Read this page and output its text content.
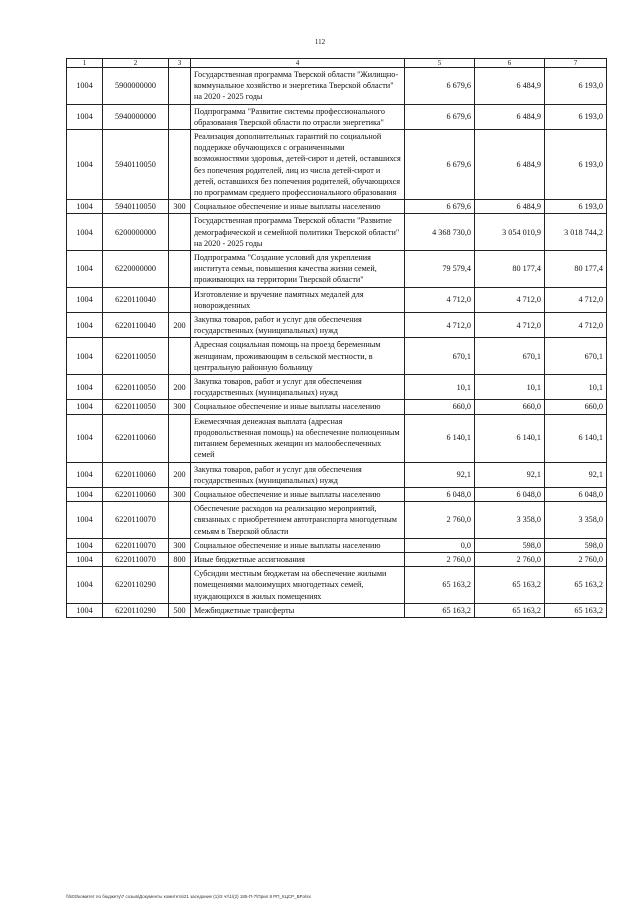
112
1	2	3	4	5	6	7
1004	5900000000		Государственная программа Тверской области "Жилищно-коммунальное хозяйство и энергетика Тверской области" на 2020 - 2025 годы	6 679,6	6 484,9	6 193,0
1004	5940000000		Подпрограмма "Развитие системы профессионального образования Тверской области по отрасли энергетика"	6 679,6	6 484,9	6 193,0
1004	5940110050		Реализация дополнительных гарантий по социальной поддержке обучающихся с ограниченными возможностями здоровья, детей-сирот и детей, оставшихся без попечения родителей, лиц из числа детей-сирот и детей, оставшихся без попечения родителей, обучающихся по программам среднего профессионального образования	6 679,6	6 484,9	6 193,0
1004	5940110050	300	Социальное обеспечение и иные выплаты населению	6 679,6	6 484,9	6 193,0
1004	6200000000		Государственная программа Тверской области "Развитие демографической и семейной политики Тверской области" на 2020 - 2025 годы	4 368 730,0	3 054 010,9	3 018 744,2
1004	6220000000		Подпрограмма "Создание условий для укрепления института семьи, повышения качества жизни семей, проживающих на территории Тверской области"	79 579,4	80 177,4	80 177,4
1004	6220110040		Изготовление и вручение памятных медалей для новорожденных	4 712,0	4 712,0	4 712,0
1004	6220110040	200	Закупка товаров, работ и услуг для обеспечения государственных (муниципальных) нужд	4 712,0	4 712,0	4 712,0
1004	6220110050		Адресная социальная помощь на проезд беременным женщинам, проживающим в сельской местности, в центральную районную больницу	670,1	670,1	670,1
1004	6220110050	200	Закупка товаров, работ и услуг для обеспечения государственных (муниципальных) нужд	10,1	10,1	10,1
1004	6220110050	300	Социальное обеспечение и иные выплаты населению	660,0	660,0	660,0
1004	6220110060		Ежемесячная денежная выплата (адресная продовольственная помощь) на обеспечение полноценным питанием беременных женщин из малообеспеченных семей	6 140,1	6 140,1	6 140,1
1004	6220110060	200	Закупка товаров, работ и услуг для обеспечения государственных (муниципальных) нужд	92,1	92,1	92,1
1004	6220110060	300	Социальное обеспечение и иные выплаты населению	6 048,0	6 048,0	6 048,0
1004	6220110070		Обеспечение расходов на реализацию мероприятий, связанных с приобретением автотранспорта многодетным семьям в Тверской области	2 760,0	3 358,0	3 358,0
1004	6220110070	300	Социальное обеспечение и иные выплаты населению	0,0	598,0	598,0
1004	6220110070	800	Иные бюджетные ассигнования	2 760,0	2 760,0	2 760,0
1004	6220110290		Субсидии местным бюджетам на обеспечение жилыми помещениями малоимущих многодетных семей, нуждающихся в жилых помещениях	65 163,2	65 163,2	65 163,2
1004	6220110290	500	Межбюджетные трансферты	65 163,2	65 163,2	65 163,2
\\fs02\комитет по бюджету\7 созыв\Документы комитета\21 заседание (1)\3 чт\1\(2) 185-П-7\Прил 8 РП_КЦСР_ВР.xlsx
